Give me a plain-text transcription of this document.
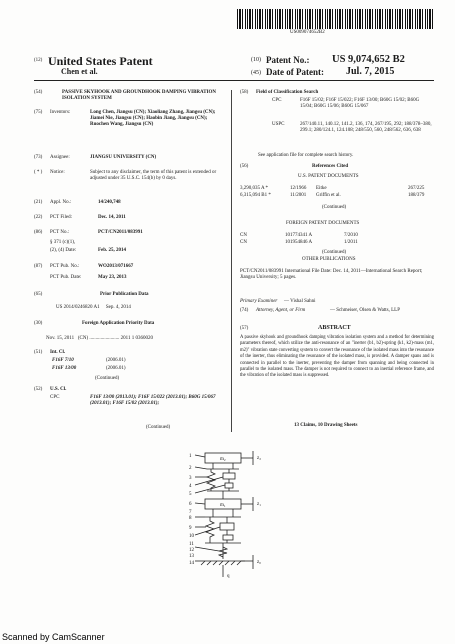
US009074652B2
(12) United States Patent
Chen et al.
(10) Patent No.: US 9,074,652 B2
(45) Date of Patent: Jul. 7, 2015
(54)	PASSIVE SKYHOOK AND GROUNDHOOK DAMPING VIBRATION ISOLATION SYSTEM
(75) Inventors:	Long Chen, Jiangsu (CN); Xiaoliang Zhang, Jiangsu (CN); Jiamei Nie, Jiangsu (CN); Haobin Jiang, Jiangsu (CN); Ruochen Wang, Jiangsu (CN)
(73) Assignee:	JIANGSU UNIVERSITY (CN)
( * ) Notice:	Subject to any disclaimer, the term of this patent is extended or adjusted under 35 U.S.C. 154(b) by 0 days.
(21) Appl. No.:	14/240,748
(22) PCT Filed:	Dec. 14, 2011
(86) PCT No.:	PCT/CN2011/083991
§ 371 (c)(1),
(2), (4) Date:	Feb. 25, 2014
(87) PCT Pub. No.:	WO2013/071667
PCT Pub. Date:	May 23, 2013
(65)	Prior Publication Data
US 2014/0246820 A1     Sep. 4, 2014
(30)	Foreign Application Priority Data
Nov. 15, 2011   (CN) ........................ 2011 1 0360020
(51) Int. Cl.
F16F 7/10	(2006.01)
F16F 13/00	(2006.01)
(Continued)
(52) U.S. Cl.
CPC	F16F 13/00 (2013.01); F16F 15/022 (2013.01); B60G 15/067 (2013.01); F16F 15/02 (2013.01);
(Continued)
(58) Field of Classification Search
CPC	F16F 15/02; F16F 15/022; F16F 13/00; B60G 15/02; B60G 15/04; B60G 15/06; B60G 15/067
USPC	267/140.11, 140.12, 141.2, 136, 174, 267/195, 292; 188/378–380, 299.1; 280/124.1, 124.108; 248/550, 560, 248/562, 636, 638
See application file for complete search history.
(56)	References Cited
U.S. PATENT DOCUMENTS
3,290,035 A *	12/1966 Eitke	267/225
6,315,094 B1 *	11/2001 Griffin et al.	188/379
(Continued)
FOREIGN PATENT DOCUMENTS
CN	101774341 A	7/2010
CN	101954846 A	1/2011
(Continued)
OTHER PUBLICATIONS
PCT/CN2011/083991 International File Date: Dec. 14, 2011—International Search Report; Jiangsu University; 5 pages.
Primary Examiner — Vishal Sahni
(74) Attorney, Agent, or Firm	— Schmeiser, Olsen & Watts, LLP
(57)	ABSTRACT
A passive skyhook and groundhook damping vibration isolation system and a method for determining parameters thereof, which utilize the anti-resonance of an "inerter (b1, b2)-spring (k1, k2)-mass (m1, m2)" vibration state converting system to convert the resonance of the isolated mass into the resonance of the inerter, thus eliminating the resonance of the isolated mass, is provided. A damper spans and is connected in parallel to the inerter, preventing the damper from spanning and being connected in parallel to the isolated mass. The damper is not required to connect to an inertial reference frame, and the vibration of the isolated mass is suppressed.
13 Claims, 10 Drawing Sheets
1
2
3
4
5
6
7
8
9
10
11
12
13
14
m₂
m₁
z₂
z₁
z₀
q
Scanned by CamScanner
